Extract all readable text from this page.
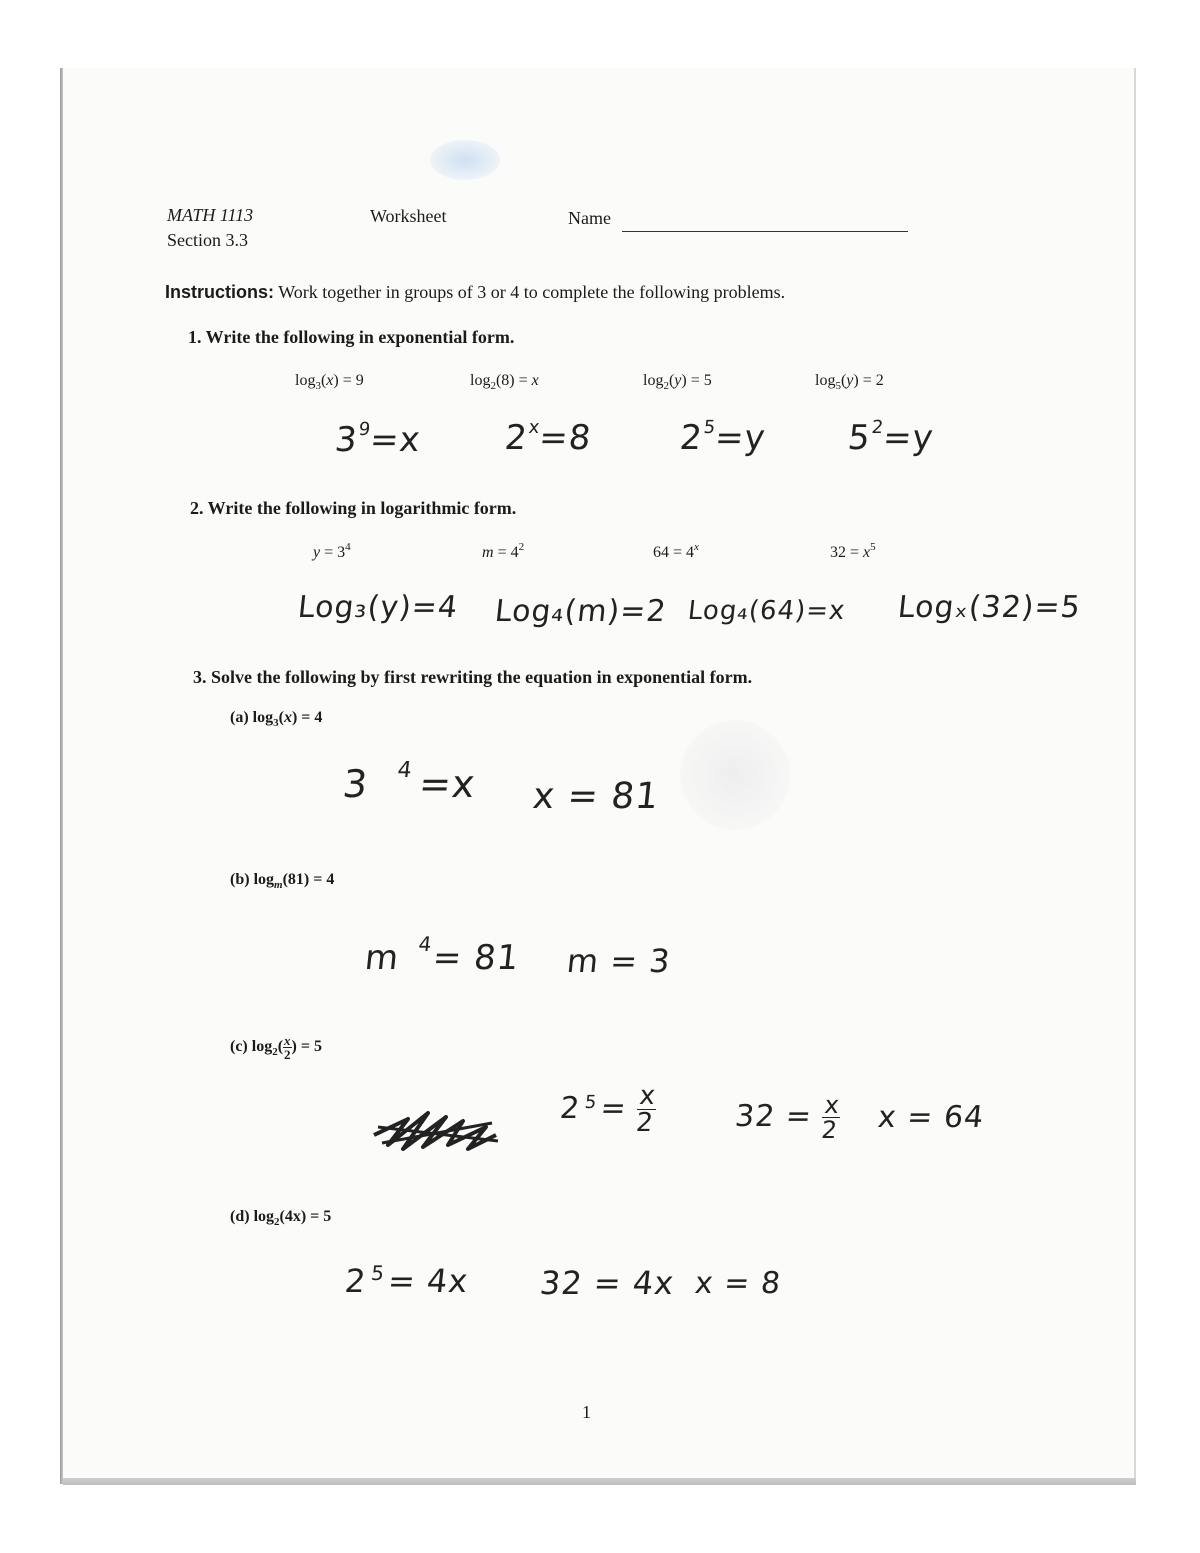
MATH 1113
Section 3.3
Worksheet	Name
Instructions: Work together in groups of 3 or 4 to complete the following problems.
1. Write the following in exponential form.
$\log_3(x) = 9$	$\log_2(8) = x$	$\log_2(y) = 5$	$\log_5(y) = 2$
$3^9=x$ $2^x=8$ $2^5=y$ $5^2=y$
2. Write the following in logarithmic form.
$y = 3^4$	$m = 4^2$	$64 = 4^x$	$32 = x^5$
Log₃(y)=4 Log₄(m)=2 Log₄(64)=x Logₓ(32)=5
3. Solve the following by first rewriting the equation in exponential form.
(a) $\log_3(x) = 4$
3 $^4$=x x = 81
(b) $\log_m(81) = 4$
m $^4$= 81 m = 3
(c) $\log_2( \frac{x}{2}$ ) = 5
$2^5= \frac{x}{2} 32 = \frac{x}{2}$ x = 64
(d) $\log_2(4x) = 5$
$2^5= 4x$ 32 = 4x x = 8
1
